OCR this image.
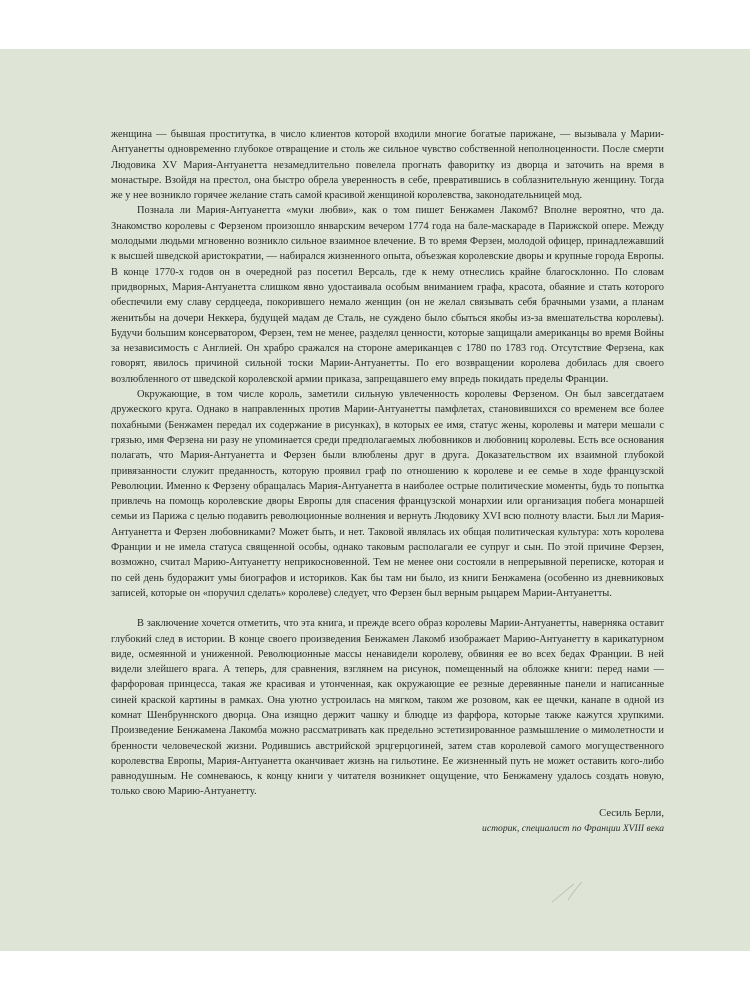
женщина — бывшая проститутка, в число клиентов которой входили многие богатые парижане, — вызывала у Марии-Антуанетты одновременно глубокое отвращение и столь же сильное чувство собственной неполноценности. После смерти Людовика XV Мария-Антуанетта незамедлительно повелела прогнать фаворитку из дворца и заточить на время в монастыре. Взойдя на престол, она быстро обрела уверенность в себе, превратившись в соблазнительную женщину. Тогда же у нее возникло горячее желание стать самой красивой женщиной королевства, законодательницей мод.

Познала ли Мария-Антуанетта «муки любви», как о том пишет Бенжамен Лакомб? Вполне вероятно, что да. Знакомство королевы с Ферзеном произошло январским вечером 1774 года на бале-маскараде в Парижской опере. Между молодыми людьми мгновенно возникло сильное взаимное влечение. В то время Ферзен, молодой офицер, принадлежавший к высшей шведской аристократии, — набирался жизненного опыта, объезжая королевские дворы и крупные города Европы. В конце 1770-х годов он в очередной раз посетил Версаль, где к нему отнеслись крайне благосклонно. По словам придворных, Мария-Антуанетта слишком явно удостаивала особым вниманием графа, красота, обаяние и стать которого обеспечили ему славу сердцееда, покорившего немало женщин (он не желал связывать себя брачными узами, а планам женитьбы на дочери Неккера, будущей мадам де Сталь, не суждено было сбыться якобы из-за вмешательства королевы). Будучи большим консерватором, Ферзен, тем не менее, разделял ценности, которые защищали американцы во время Войны за независимость с Англией. Он храбро сражался на стороне американцев с 1780 по 1783 год. Отсутствие Ферзена, как говорят, явилось причиной сильной тоски Марии-Антуанетты. По его возвращении королева добилась для своего возлюбленного от шведской королевской армии приказа, запрещавшего ему впредь покидать пределы Франции.

Окружающие, в том числе король, заметили сильную увлеченность королевы Ферзеном. Он был завсегдатаем дружеского круга. Однако в направленных против Марии-Антуанетты памфлетах, становившихся со временем все более похабными (Бенжамен передал их содержание в рисунках), в которых ее имя, статус жены, королевы и матери мешали с грязью, имя Ферзена ни разу не упоминается среди предполагаемых любовников и любовниц королевы. Есть все основания полагать, что Мария-Антуанетта и Ферзен были влюблены друг в друга. Доказательством их взаимной глубокой привязанности служит преданность, которую проявил граф по отношению к королеве и ее семье в ходе французской Революции. Именно к Ферзену обращалась Мария-Антуанетта в наиболее острые политические моменты, будь то попытка привлечь на помощь королевские дворы Европы для спасения французской монархии или организация побега монаршей семьи из Парижа с целью подавить революционные волнения и вернуть Людовику XVI всю полноту власти. Был ли Мария-Антуанетта и Ферзен любовниками? Может быть, и нет. Таковой являлась их общая политическая культура: хоть королева Франции и не имела статуса священной особы, однако таковым располагали ее супруг и сын. По этой причине Ферзен, возможно, считал Марию-Антуанетту неприкосновенной. Тем не менее они состояли в непрерывной переписке, которая и по сей день будоражит умы биографов и историков. Как бы там ни было, из книги Бенжамена (особенно из дневниковых записей, которые он «поручил сделать» королеве) следует, что Ферзен был верным рыцарем Марии-Антуанетты.

В заключение хочется отметить, что эта книга, и прежде всего образ королевы Марии-Антуанетты, наверняка оставит глубокий след в истории. В конце своего произведения Бенжамен Лакомб изображает Марию-Антуанетту в карикатурном виде, осмеянной и униженной. Революционные массы ненавидели королеву, обвиняя ее во всех бедах Франции. В ней видели злейшего врага. А теперь, для сравнения, взглянем на рисунок, помещенный на обложке книги: перед нами — фарфоровая принцесса, такая же красивая и утонченная, как окружающие ее резные деревянные панели и написанные синей краской картины в рамках. Она уютно устроилась на мягком, таком же розовом, как ее щечки, канапе в одной из комнат Шенбруннского дворца. Она изящно держит чашку и блюдце из фарфора, которые также кажутся хрупкими. Произведение Бенжамена Лакомба можно рассматривать как предельно эстетизированное размышление о мимолетности и бренности человеческой жизни. Родившись австрийской эрцгерцогиней, затем став королевой самого могущественного королевства Европы, Мария-Антуанетта оканчивает жизнь на гильотине. Ее жизненный путь не может оставить кого-либо равнодушным. Не сомневаюсь, к концу книги у читателя возникнет ощущение, что Бенжамену удалось создать новую, только свою Марию-Антуанетту.

Сесиль Берли,
историк, специалист по Франции XVIII века
